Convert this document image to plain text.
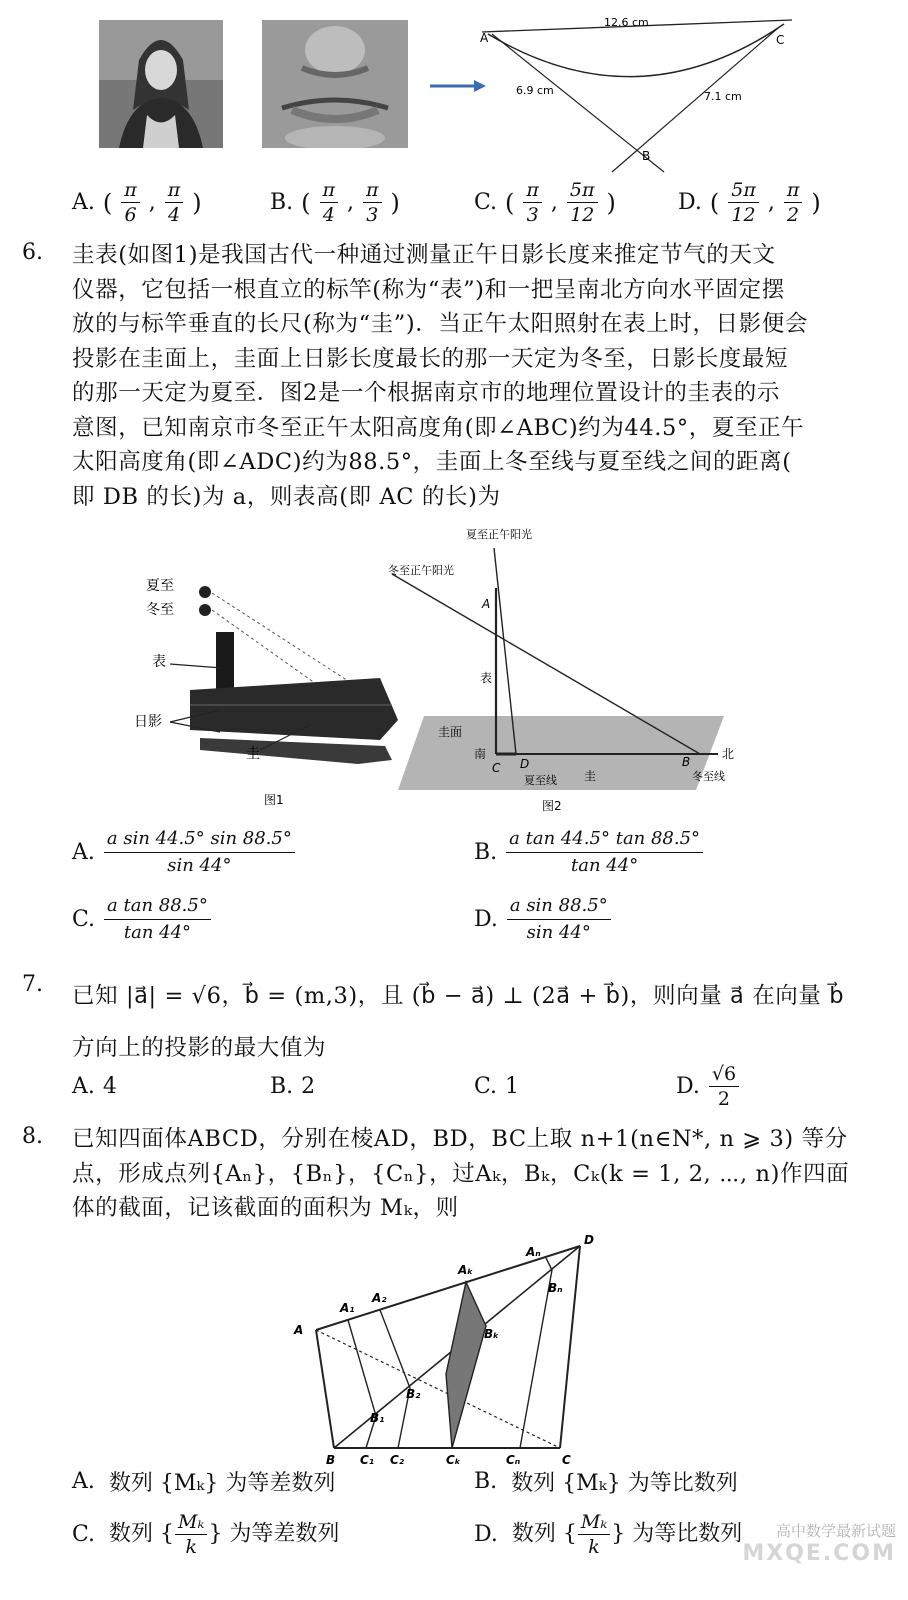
A	C
B
12.6 cm
6.9 cm	7.1 cm
A. ( $\frac{\pi}{6}$ , $\frac{\pi}{4}$ )	B. ( $\frac{\pi}{4}$ , $\frac{\pi}{3}$ )	C. ( $\frac{\pi}{3}$ , $\frac{5\pi}{12}$ )	D. ( $\frac{5\pi}{12}$ , $\frac{\pi}{2}$ )
6. 圭表(如图1)是我国古代一种通过测量正午日影长度来推定节气的天文
仪器，它包括一根直立的标竿(称为“表”)和一把呈南北方向水平固定摆
放的与标竿垂直的长尺(称为“圭”)．当正午太阳照射在表上时，日影便会
投影在圭面上，圭面上日影长度最长的那一天定为冬至，日影长度最短
的那一天定为夏至．图2是一个根据南京市的地理位置设计的圭表的示
意图，已知南京市冬至正午太阳高度角(即∠ABC)约为44.5°，夏至正午
太阳高度角(即∠ADC)约为88.5°，圭面上冬至线与夏至线之间的距离(
即 DB 的长)为 a，则表高(即 AC 的长)为
夏至
冬至
表
日影
圭
图1
夏至正午阳光
冬至正午阳光
A
表
圭面
南	北
C D	B
夏至线 圭	冬至线
图2
A. $\frac{\text{a sin 44.5° sin 88.5°}}{\sin 44^\circ}$	B. $\frac{\text{a tan 44.5° tan 88.5°}}{\tan 44^\circ}$
C. $\frac{\text{a tan 88.5°}}{\tan 44^\circ}$	D. $\frac{\text{a sin 88.5°}}{\sin 44^\circ}$
7. 已知 |a⃗| = √6，b⃗ = (m,3)，且 (b⃗ − a⃗) ⊥ (2a⃗ + b⃗)，则向量 a⃗ 在向量 b⃗
方向上的投影的最大值为
A. 4	B. 2	C. 1	D. $\frac{√6}{2}$
8. 已知四面体ABCD，分别在棱AD，BD，BC上取 n+1(n∈N*, n ⩾ 3) 等分
点，形成点列{Aₙ}，{Bₙ}，{Cₙ}，过Aₖ，Bₖ，Cₖ(k = 1, 2, ⋯, n)作四面
体的截面，记该截面的面积为 Mₖ，则
A
B	C
D
A₁
A₂
Aₖ
Aₙ
B₁
B₂
Bₖ
Bₙ
C₁ C₂	Cₖ	Cₙ
A. 数列 {Mₖ} 为等差数列	B. 数列 {Mₖ} 为等比数列
C. 数列 { $\frac{\text{Mₖ}}{k}$ } 为等差数列	D. 数列 { $\frac{\text{Mₖ}}{k}$ } 为等比数列	高中数学最新试题
MXQE.COM
